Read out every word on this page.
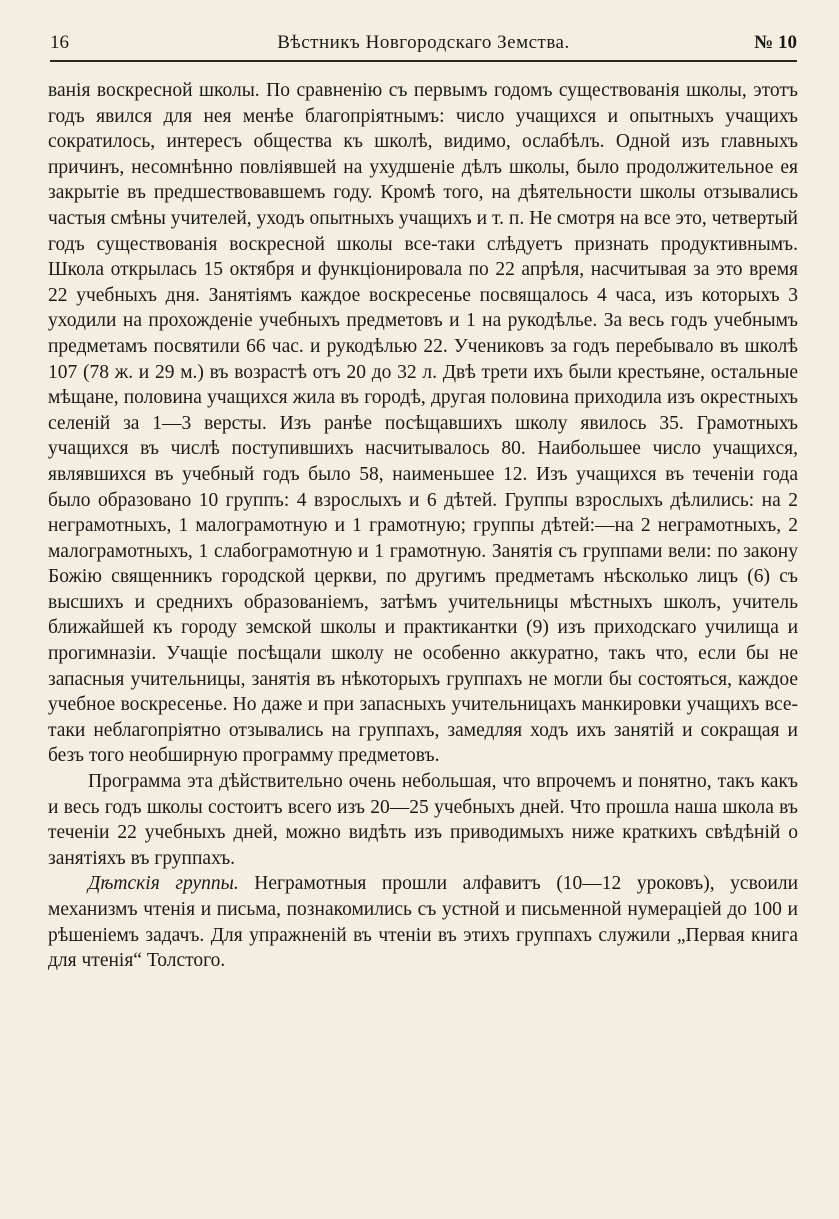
16	Вѣстникъ Новгородскаго Земства.	№ 10

ванія воскресной школы. По сравненію съ первымъ годомъ существованія школы, этотъ годъ явился для нея менѣе благопріятнымъ: число учащихся и опытныхъ учащихъ сократилось, интересъ общества къ школѣ, видимо, ослабѣлъ. Одной изъ главныхъ причинъ, несомнѣнно повліявшей на ухудшеніе дѣлъ школы, было продолжительное ея закрытіе въ предшествовавшемъ году. Кромѣ того, на дѣятельности школы отзывались частыя смѣны учителей, уходъ опытныхъ учащихъ и т. п. Не смотря на все это, четвертый годъ существованія воскресной школы все-таки слѣдуетъ признать продуктивнымъ. Школа открылась 15 октября и функціонировала по 22 апрѣля, насчитывая за это время 22 учебныхъ дня. Занятіямъ каждое воскресенье посвящалось 4 часа, изъ которыхъ 3 уходили на прохожденіе учебныхъ предметовъ и 1 на рукодѣлье. За весь годъ учебнымъ предметамъ посвятили 66 час. и рукодѣлью 22. Учениковъ за годъ перебывало въ школѣ 107 (78 ж. и 29 м.) въ возрастѣ отъ 20 до 32 л. Двѣ трети ихъ были крестьяне, остальные мѣщане, половина учащихся жила въ городѣ, другая половина приходила изъ окрестныхъ селеній за 1—3 версты. Изъ ранѣе посѣщавшихъ школу явилось 35. Грамотныхъ учащихся въ числѣ поступившихъ насчитывалось 80. Наибольшее число учащихся, являвшихся въ учебный годъ было 58, наименьшее 12. Изъ учащихся въ теченіи года было образовано 10 группъ: 4 взрослыхъ и 6 дѣтей. Группы взрослыхъ дѣлились: на 2 неграмотныхъ, 1 малограмотную и 1 грамотную; группы дѣтей:—на 2 неграмотныхъ, 2 малограмотныхъ, 1 слабограмотную и 1 грамотную. Занятія съ группами вели: по закону Божію священникъ городской церкви, по другимъ предметамъ нѣсколько лицъ (6) съ высшихъ и среднихъ образованіемъ, затѣмъ учительницы мѣстныхъ школъ, учитель ближайшей къ городу земской школы и практикантки (9) изъ приходскаго училища и прогимназіи. Учащіе посѣщали школу не особенно аккуратно, такъ что, если бы не запасныя учительницы, занятія въ нѣкоторыхъ группахъ не могли бы состояться, каждое учебное воскресенье. Но даже и при запасныхъ учительницахъ манкировки учащихъ все-таки неблагопріятно отзывались на группахъ, замедляя ходъ ихъ занятій и сокращая и безъ того необширную программу предметовъ.

Программа эта дѣйствительно очень небольшая, что впрочемъ и понятно, такъ какъ и весь годъ школы состоитъ всего изъ 20—25 учебныхъ дней. Что прошла наша школа въ теченіи 22 учебныхъ дней, можно видѣть изъ приводимыхъ ниже краткихъ свѣдѣній о занятіяхъ въ группахъ.

Дѣтскія группы. Неграмотныя прошли алфавитъ (10—12 уроковъ), усвоили механизмъ чтенія и письма, познакомились съ устной и письменной нумераціей до 100 и рѣшеніемъ задачъ. Для упражненій въ чтеніи въ этихъ группахъ служили „Первая книга для чтенія“ Толстого.
